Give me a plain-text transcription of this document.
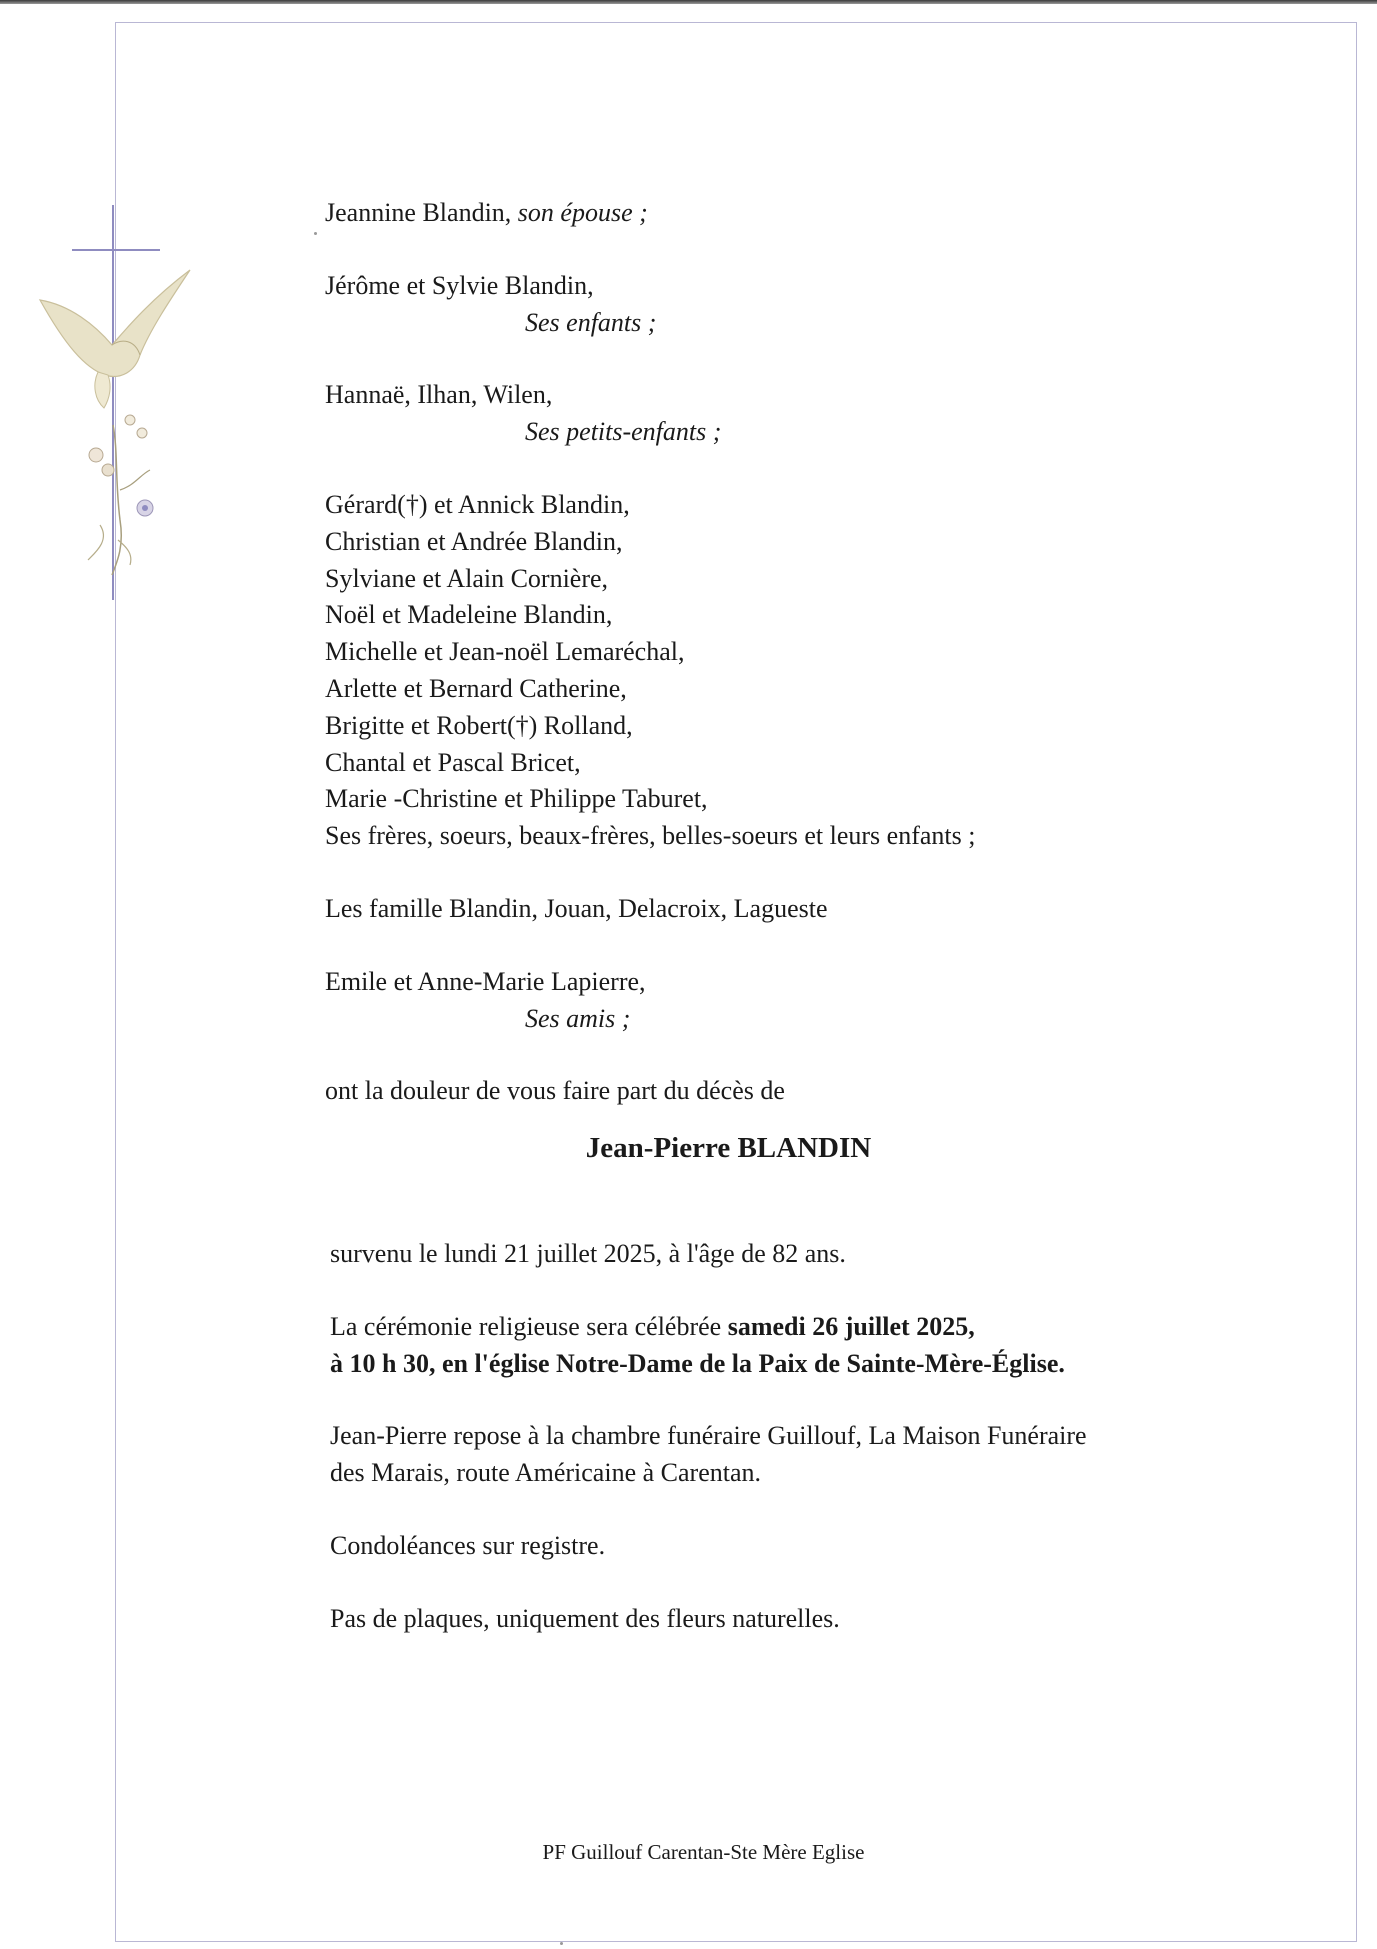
Jeannine Blandin, son épouse ;
Jérôme et Sylvie Blandin,
Ses enfants ;
Hannaë, Ilhan, Wilen,
Ses petits-enfants ;
Gérard(†) et Annick Blandin,
Christian et Andrée Blandin,
Sylviane et Alain Cornière,
Noël et Madeleine Blandin,
Michelle et Jean-noël Lemaréchal,
Arlette et Bernard Catherine,
Brigitte et Robert(†) Rolland,
Chantal et Pascal Bricet,
Marie -Christine et Philippe Taburet,
Ses frères, soeurs, beaux-frères, belles-soeurs et leurs enfants ;
Les famille Blandin, Jouan, Delacroix, Lagueste
Emile et Anne-Marie Lapierre,
Ses amis ;
ont la douleur de vous faire part du décès de
Jean-Pierre BLANDIN
survenu le lundi 21 juillet 2025, à l'âge de 82 ans.
La cérémonie religieuse sera célébrée samedi 26 juillet 2025,
à 10 h 30, en l'église Notre-Dame de la Paix de Sainte-Mère-Église.
Jean-Pierre repose à la chambre funéraire Guillouf, La Maison Funéraire
des Marais, route Américaine à Carentan.
Condoléances sur registre.
Pas de plaques, uniquement des fleurs naturelles.
PF Guillouf Carentan-Ste Mère Eglise
